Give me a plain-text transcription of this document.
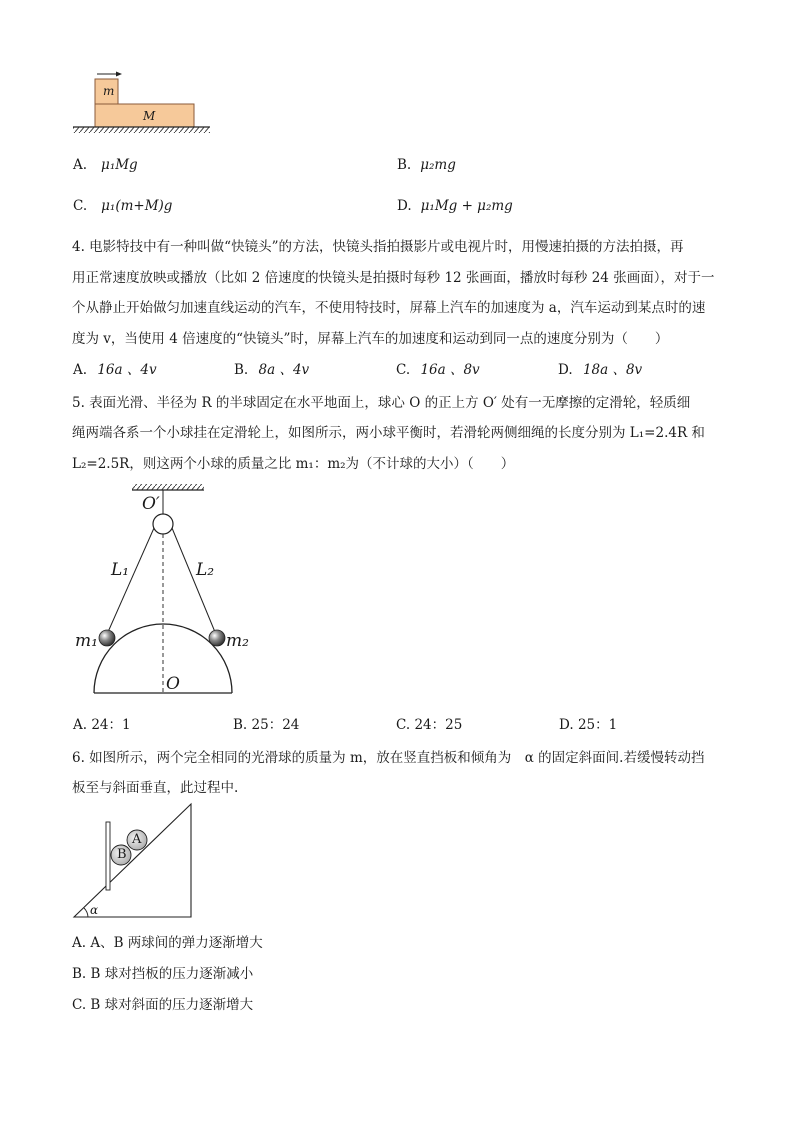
m
M
A. μ₁Mg	B. μ₂mg
C. μ₁(m+M)g	D. μ₁Mg + μ₂mg
4. 电影特技中有一种叫做“快镜头”的方法，快镜头指拍摄影片或电视片时，用慢速拍摄的方法拍摄，再
用正常速度放映或播放（比如 2 倍速度的快镜头是拍摄时每秒 12 张画面，播放时每秒 24 张画面），对于一
个从静止开始做匀加速直线运动的汽车，不使用特技时，屏幕上汽车的加速度为 a，汽车运动到某点时的速
度为 v，当使用 4 倍速度的“快镜头”时，屏幕上汽车的加速度和运动到同一点的速度分别为（　　）
A. 16a 、4v	B. 8a 、4v	C. 16a 、8v	D. 18a 、8v
5. 表面光滑、半径为 R 的半球固定在水平地面上，球心 O 的正上方 O′ 处有一无摩擦的定滑轮，轻质细
绳两端各系一个小球挂在定滑轮上，如图所示，两小球平衡时，若滑轮两侧细绳的长度分别为 L₁=2.4R 和
L₂=2.5R，则这两个小球的质量之比 m₁：m₂为（不计球的大小）（　　）
O′
L₁	L₂
m₁	m₂
O
A. 24：1	B. 25：24	C. 24：25	D. 25：1
6. 如图所示，两个完全相同的光滑球的质量为 m，放在竖直挡板和倾角为　α 的固定斜面间.若缓慢转动挡
板至与斜面垂直，此过程中.
A
B
α
A. A、B 两球间的弹力逐渐增大
B. B 球对挡板的压力逐渐减小
C. B 球对斜面的压力逐渐增大
